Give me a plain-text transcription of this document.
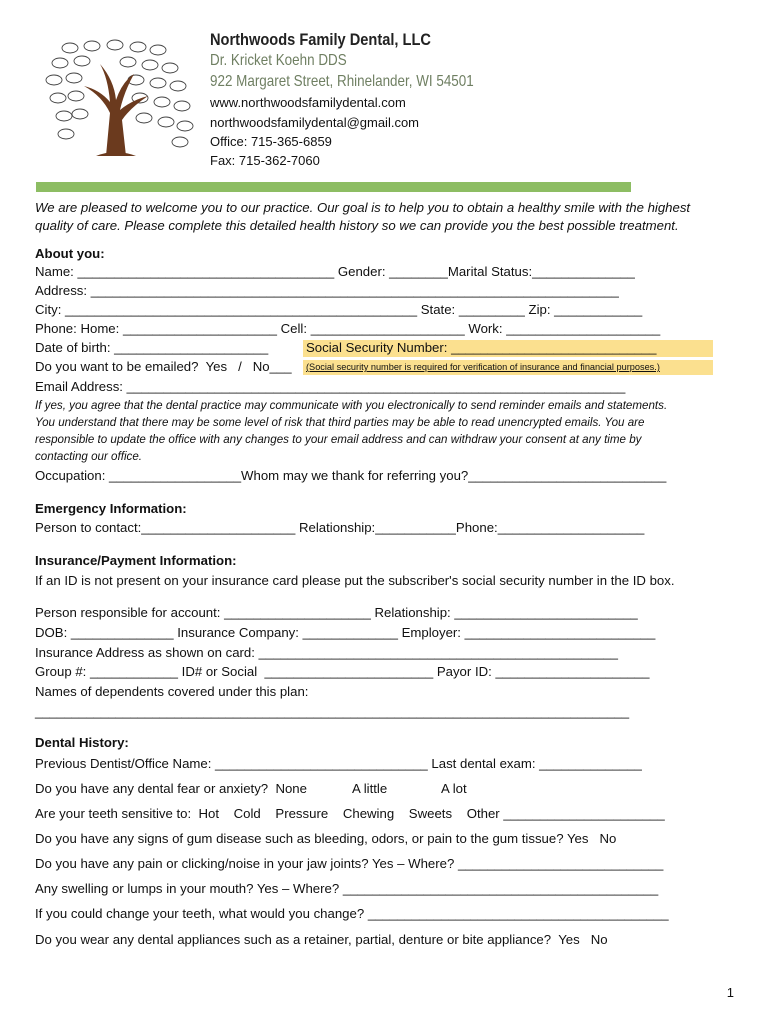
Northwoods Family Dental, LLC
Dr. Kricket Koehn DDS
922 Margaret Street, Rhinelander, WI 54501
www.northwoodsfamilydental.com
northwoodsfamilydental@gmail.com
Office: 715-365-6859
Fax: 715-362-7060
We are pleased to welcome you to our practice. Our goal is to help you to obtain a healthy smile with the highest
quality of care. Please complete this detailed health history so we can provide you the best possible treatment.
About you:
Name: ___________________________________ Gender: ________Marital Status:______________
Address: ________________________________________________________________________
City: ________________________________________________ State: _________ Zip: ____________
Phone: Home: _____________________ Cell: _____________________ Work: _____________________
Date of birth: _____________________	Social Security Number: ____________________________
Do you want to be emailed?  Yes   /   No___ (Social security number is required for verification of insurance and financial purposes.)
Email Address: ____________________________________________________________________
If yes, you agree that the dental practice may communicate with you electronically to send reminder emails and statements.
You understand that there may be some level of risk that third parties may be able to read unencrypted emails. You are
responsible to update the office with any changes to your email address and can withdraw your consent at any time by
contacting our office.
Occupation: __________________Whom may we thank for referring you?___________________________
Emergency Information:
Person to contact:_____________________ Relationship:___________Phone:____________________
Insurance/Payment Information:
If an ID is not present on your insurance card please put the subscriber's social security number in the ID box.
Person responsible for account: ____________________ Relationship: _________________________
DOB: ______________ Insurance Company: _____________ Employer: __________________________
Insurance Address as shown on card: _________________________________________________
Group #: ____________ ID# or Social  _______________________ Payor ID: _____________________
Names of dependents covered under this plan:
_________________________________________________________________________________
Dental History:
Previous Dentist/Office Name: _____________________________ Last dental exam: ______________
Do you have any dental fear or anxiety?  None	A little	A lot
Are your teeth sensitive to:  Hot    Cold    Pressure    Chewing    Sweets    Other ______________________
Do you have any signs of gum disease such as bleeding, odors, or pain to the gum tissue? Yes   No
Do you have any pain or clicking/noise in your jaw joints? Yes – Where? ____________________________
Any swelling or lumps in your mouth? Yes – Where? ___________________________________________
If you could change your teeth, what would you change? _________________________________________
Do you wear any dental appliances such as a retainer, partial, denture or bite appliance?  Yes   No
1
